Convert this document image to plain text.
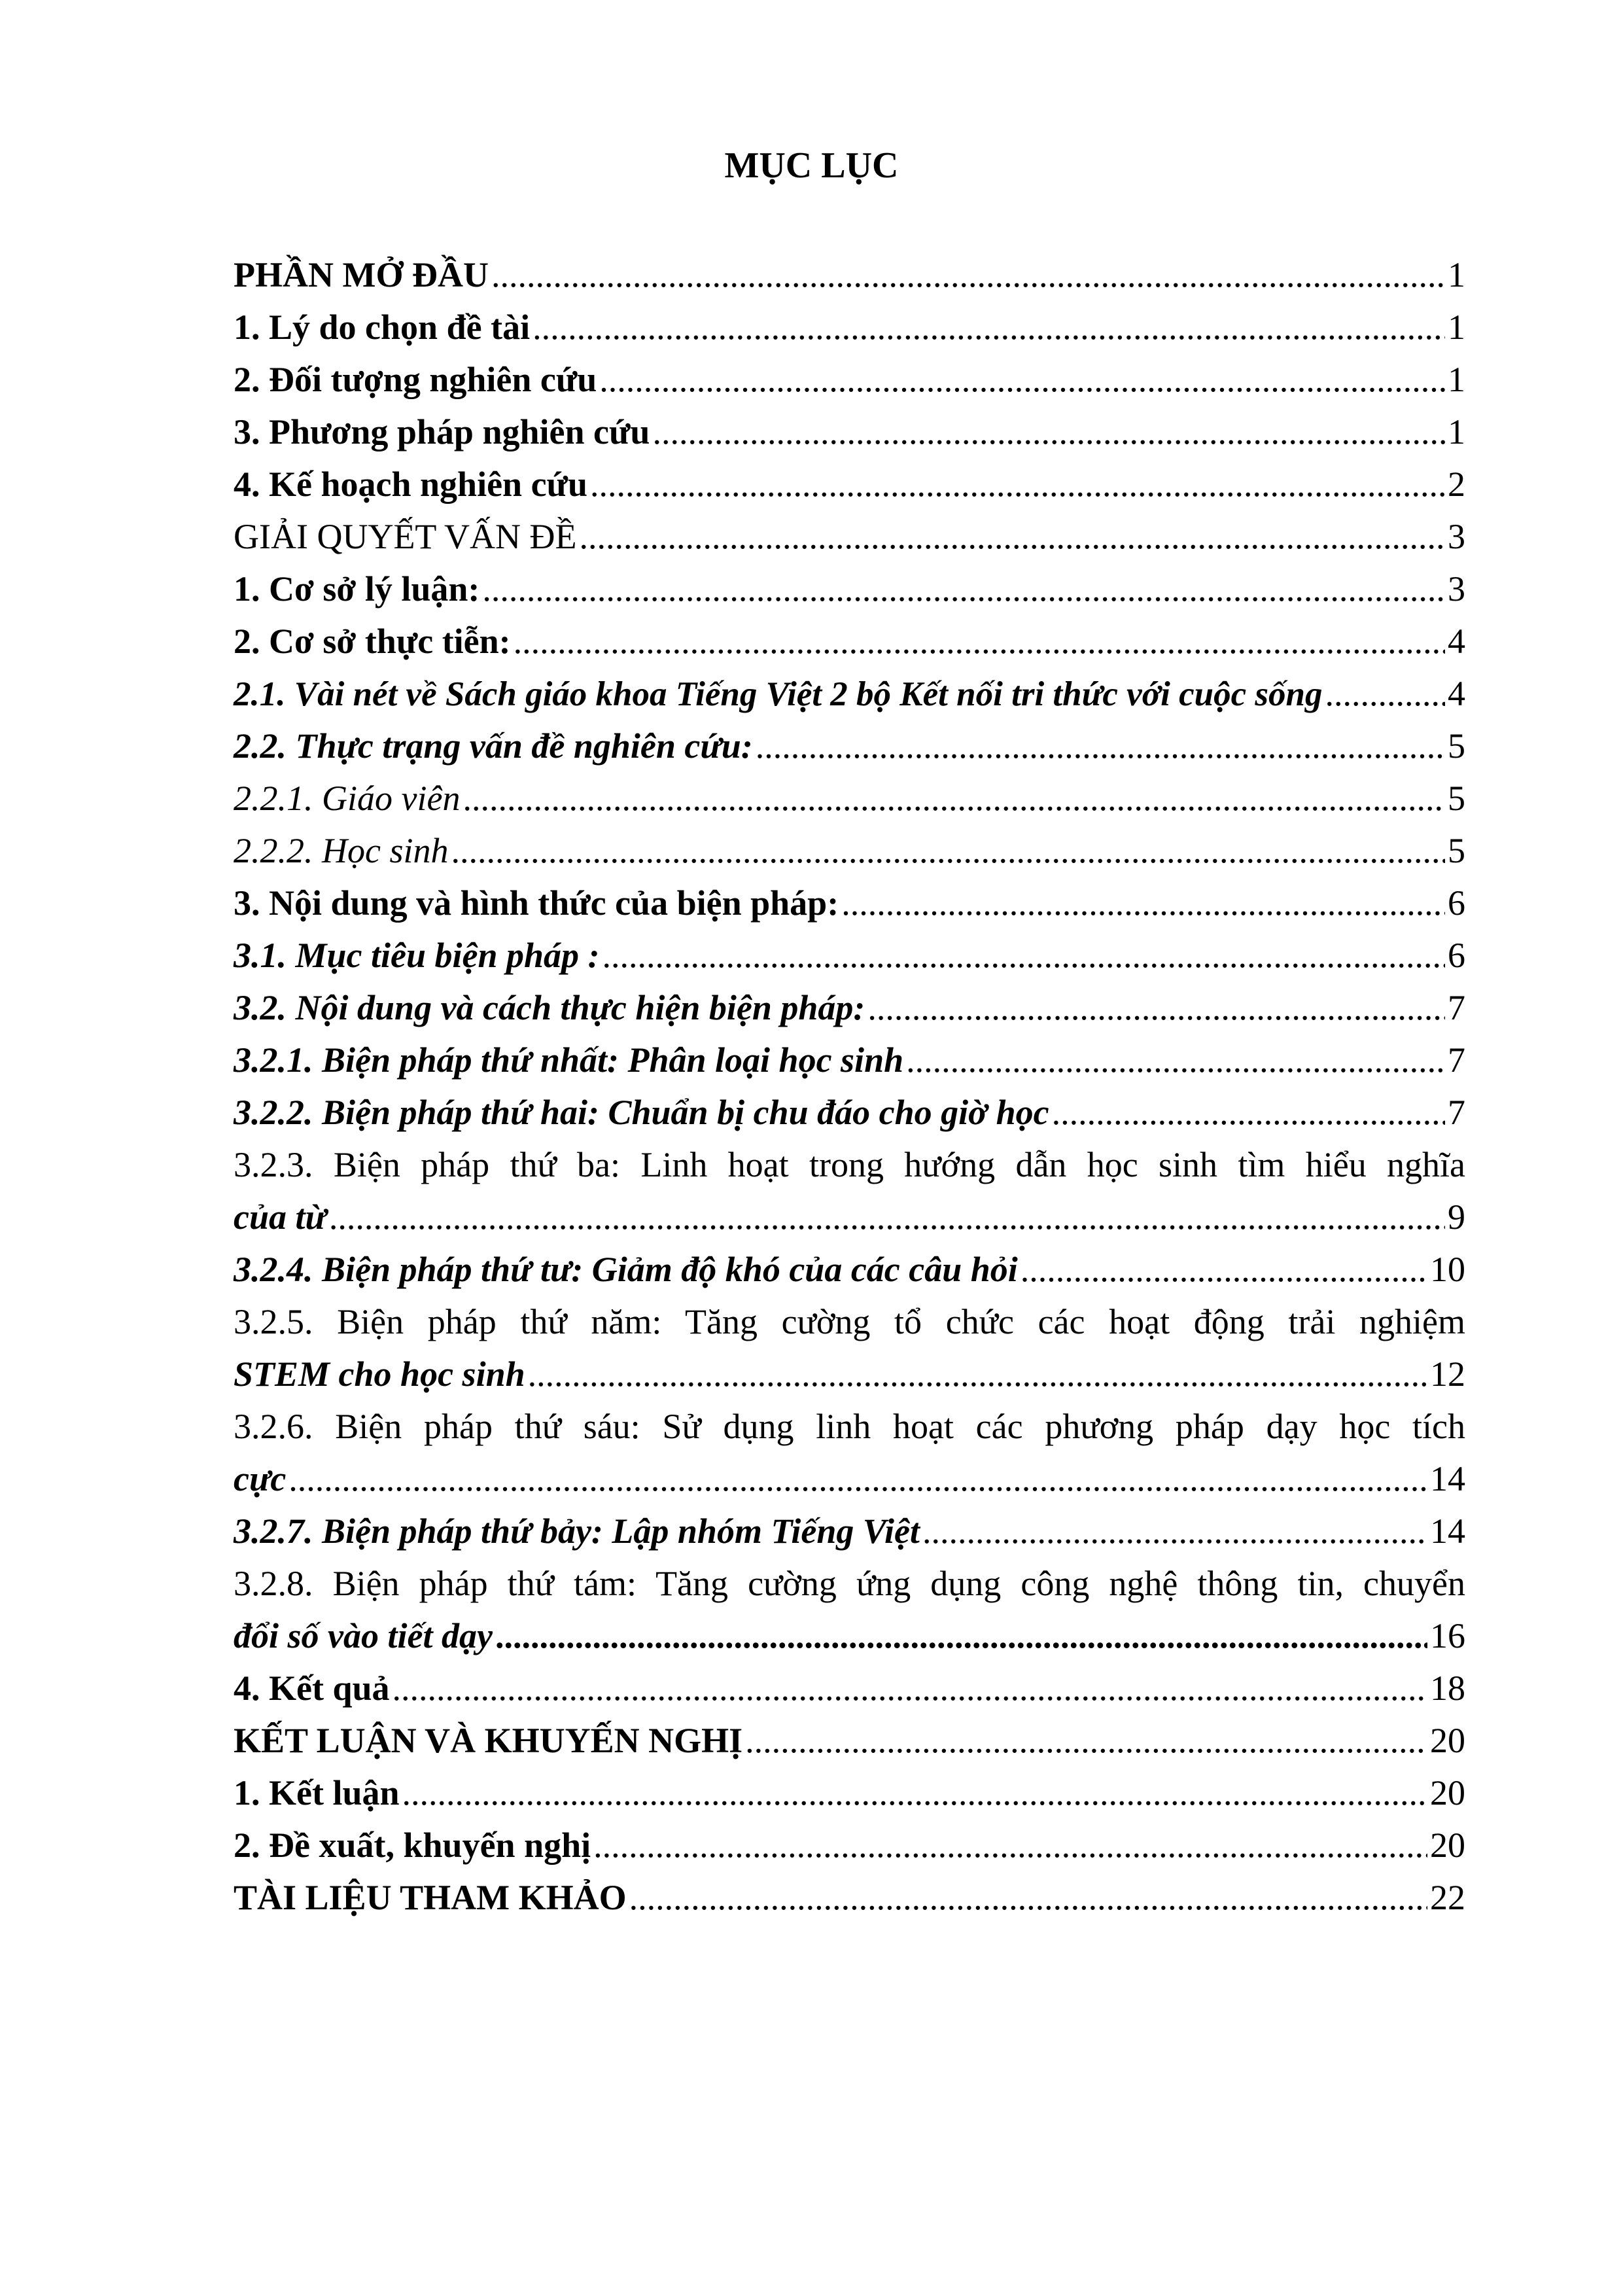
MỤC LỤC
PHẦN MỞ ĐẦU .....	1
1. Lý do chọn đề tài .....	1
2. Đối tượng nghiên cứu .....	1
3. Phương pháp nghiên cứu .....	1
4. Kế hoạch nghiên cứu .....	2
GIẢI QUYẾT VẤN ĐỀ .....	3
1. Cơ sở lý luận: .....	3
2. Cơ sở thực tiễn: .....	4
2.1. Vài nét về Sách giáo khoa Tiếng Việt 2 bộ Kết nối tri thức với cuộc sống .....	4
2.2. Thực trạng vấn đề nghiên cứu: .....	5
2.2.1. Giáo viên .....	5
2.2.2. Học sinh .....	5
3. Nội dung và hình thức của biện pháp: .....	6
3.1. Mục tiêu biện pháp : .....	6
3.2. Nội dung và cách thực hiện biện pháp: .....	7
3.2.1. Biện pháp thứ nhất: Phân loại học sinh .....	7
3.2.2. Biện pháp thứ hai: Chuẩn bị chu đáo cho giờ học .....	7
3.2.3. Biện pháp thứ ba: Linh hoạt trong hướng dẫn học sinh tìm hiểu nghĩa
của từ .....	9
3.2.4. Biện pháp thứ tư: Giảm độ khó của các câu hỏi .....	10
3.2.5. Biện pháp thứ năm: Tăng cường tổ chức các hoạt động trải nghiệm
STEM cho học sinh .....	12
3.2.6. Biện pháp thứ sáu: Sử dụng linh hoạt các phương pháp dạy học tích
cực .....	14
3.2.7. Biện pháp thứ bảy: Lập nhóm Tiếng Việt .....	14
3.2.8. Biện pháp thứ tám: Tăng cường ứng dụng công nghệ thông tin, chuyển
đổi số vào tiết dạy .....	16
4. Kết quả .....	18
KẾT LUẬN VÀ KHUYẾN NGHỊ .....	20
1. Kết luận .....	20
2. Đề xuất, khuyến nghị .....	20
TÀI LIỆU THAM KHẢO .....	22
